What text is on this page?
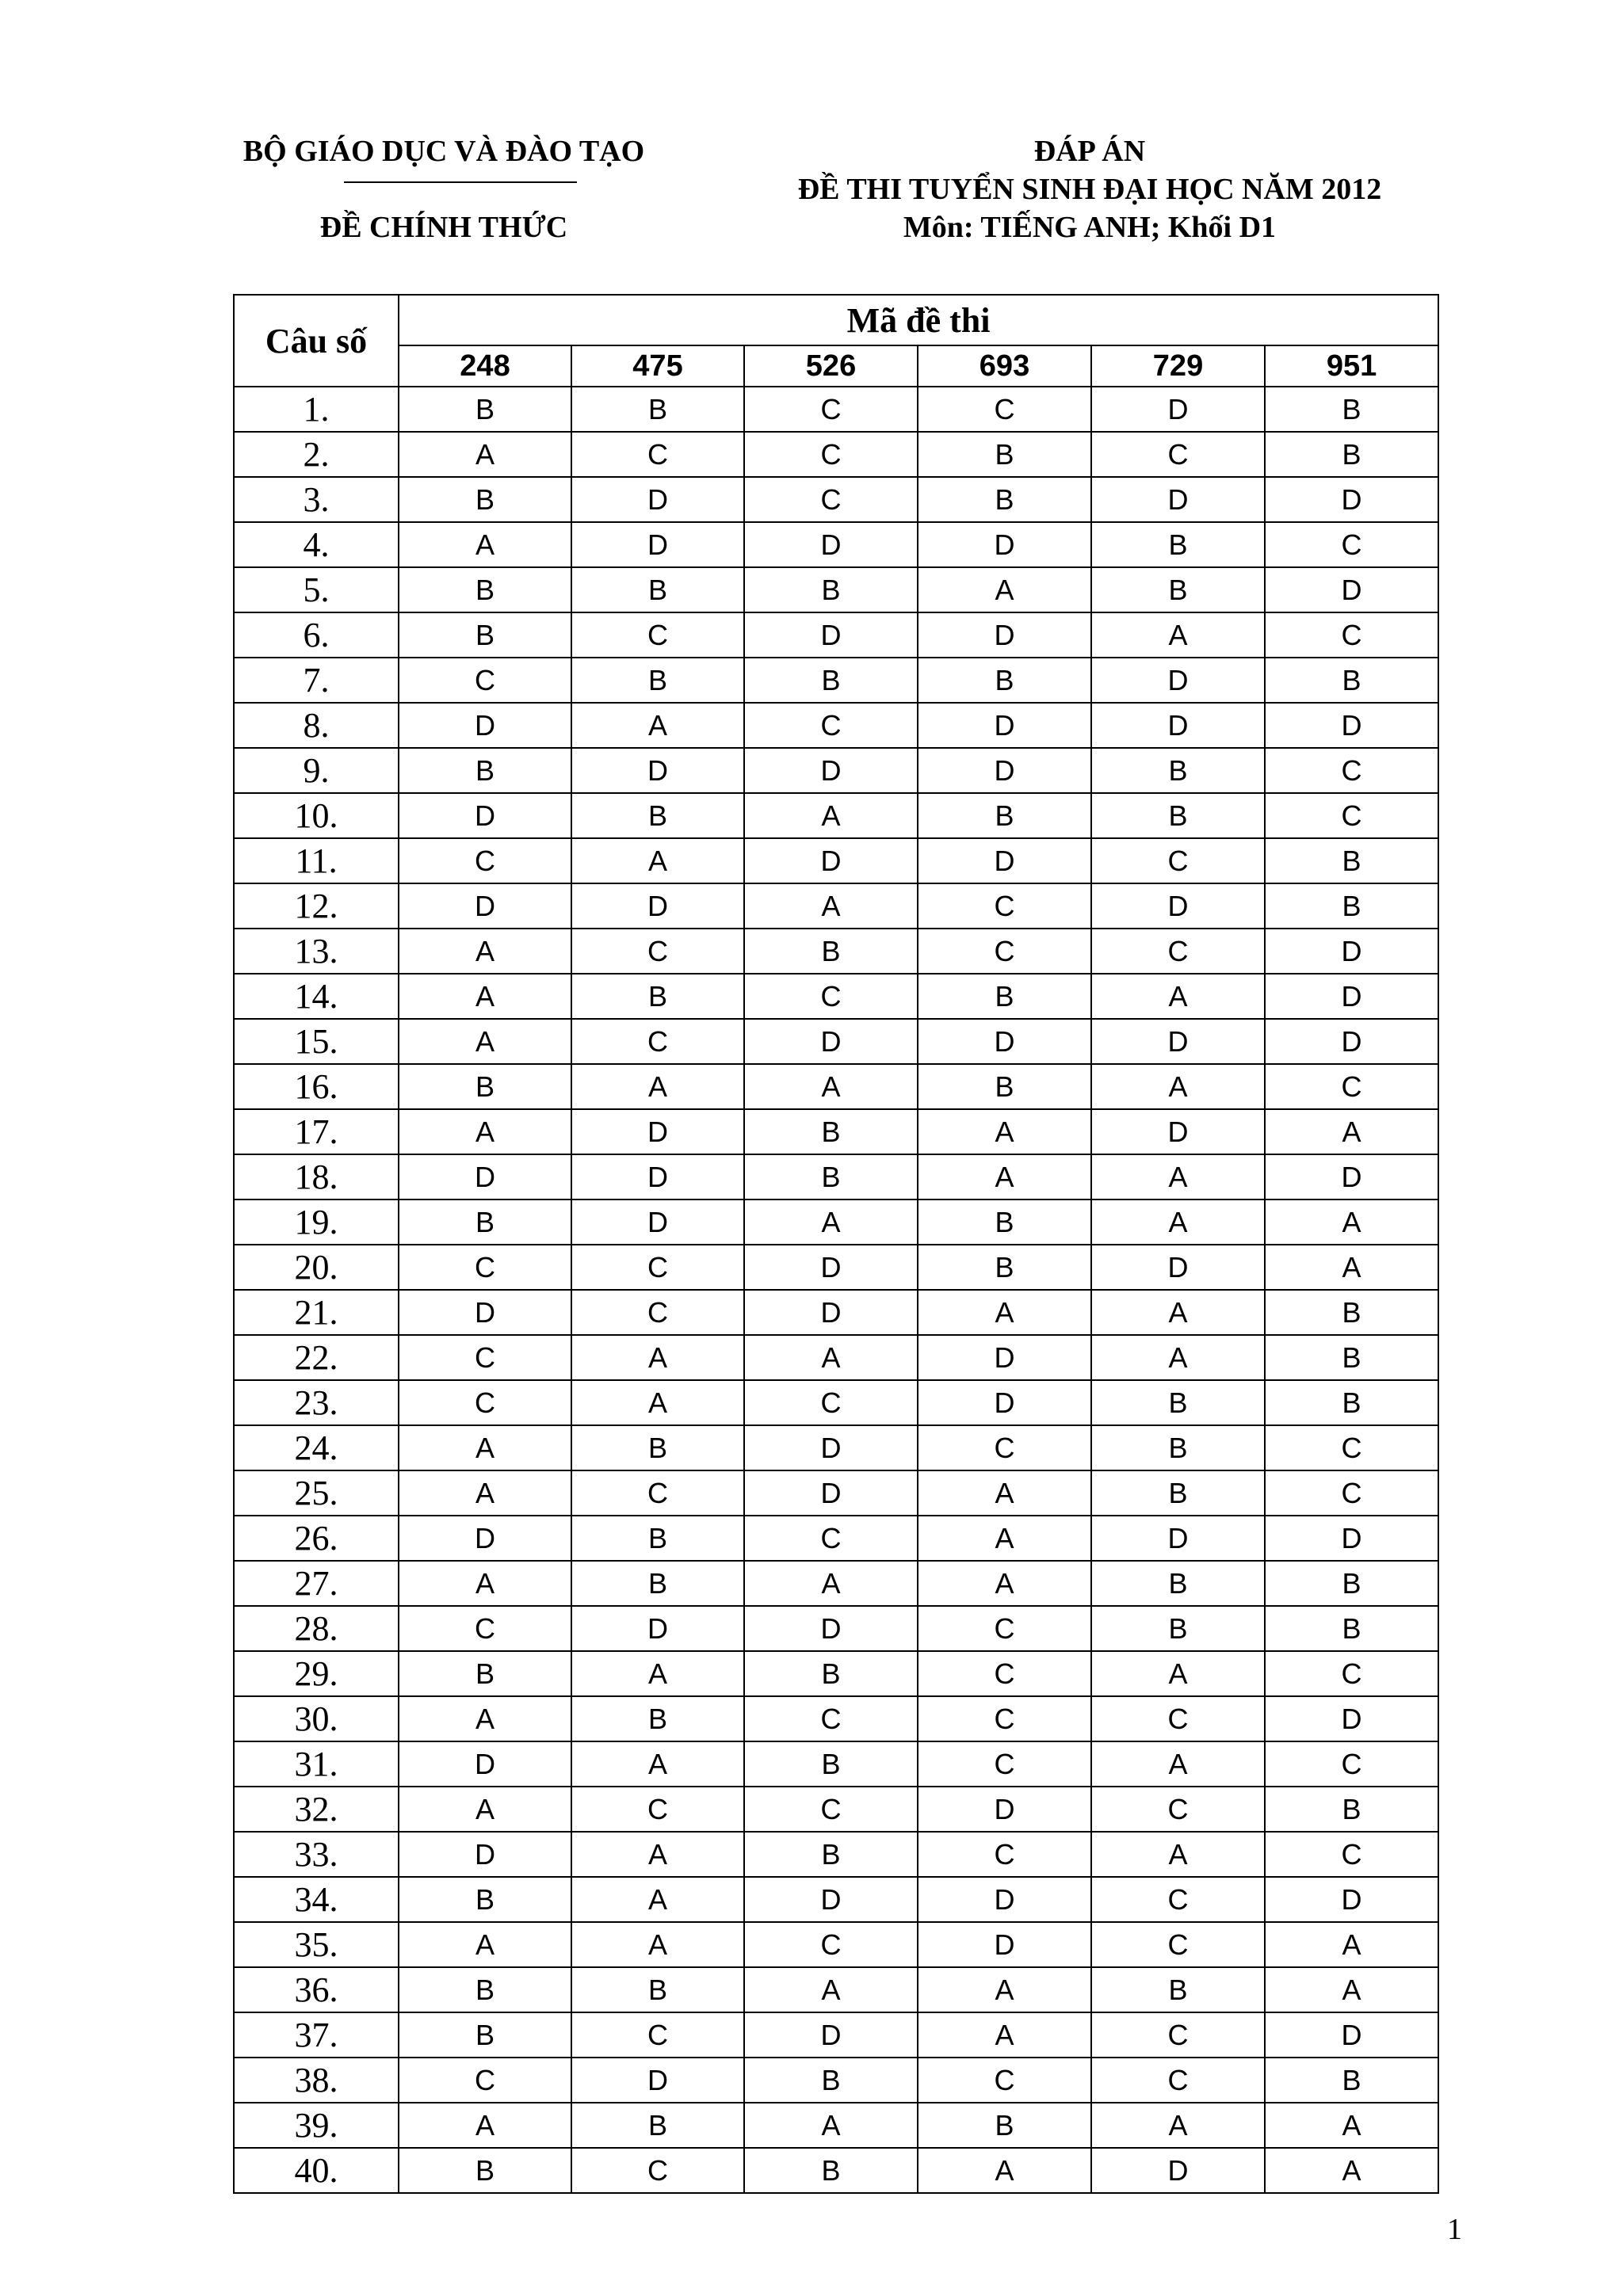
BỘ GIÁO DỤC VÀ ĐÀO TẠO
ĐỀ CHÍNH THỨC
ĐÁP ÁN
ĐỀ THI TUYỂN SINH ĐẠI HỌC NĂM 2012
Môn: TIẾNG ANH; Khối D1
Câu số	Mã đề thi					
	248	475	526	693	729	951
1.	B	B	C	C	D	B
2.	A	C	C	B	C	B
3.	B	D	C	B	D	D
4.	A	D	D	D	B	C
5.	B	B	B	A	B	D
6.	B	C	D	D	A	C
7.	C	B	B	B	D	B
8.	D	A	C	D	D	D
9.	B	D	D	D	B	C
10.	D	B	A	B	B	C
11.	C	A	D	D	C	B
12.	D	D	A	C	D	B
13.	A	C	B	C	C	D
14.	A	B	C	B	A	D
15.	A	C	D	D	D	D
16.	B	A	A	B	A	C
17.	A	D	B	A	D	A
18.	D	D	B	A	A	D
19.	B	D	A	B	A	A
20.	C	C	D	B	D	A
21.	D	C	D	A	A	B
22.	C	A	A	D	A	B
23.	C	A	C	D	B	B
24.	A	B	D	C	B	C
25.	A	C	D	A	B	C
26.	D	B	C	A	D	D
27.	A	B	A	A	B	B
28.	C	D	D	C	B	B
29.	B	A	B	C	A	C
30.	A	B	C	C	C	D
31.	D	A	B	C	A	C
32.	A	C	C	D	C	B
33.	D	A	B	C	A	C
34.	B	A	D	D	C	D
35.	A	A	C	D	C	A
36.	B	B	A	A	B	A
37.	B	C	D	A	C	D
38.	C	D	B	C	C	B
39.	A	B	A	B	A	A
40.	B	C	B	A	D	A
1
